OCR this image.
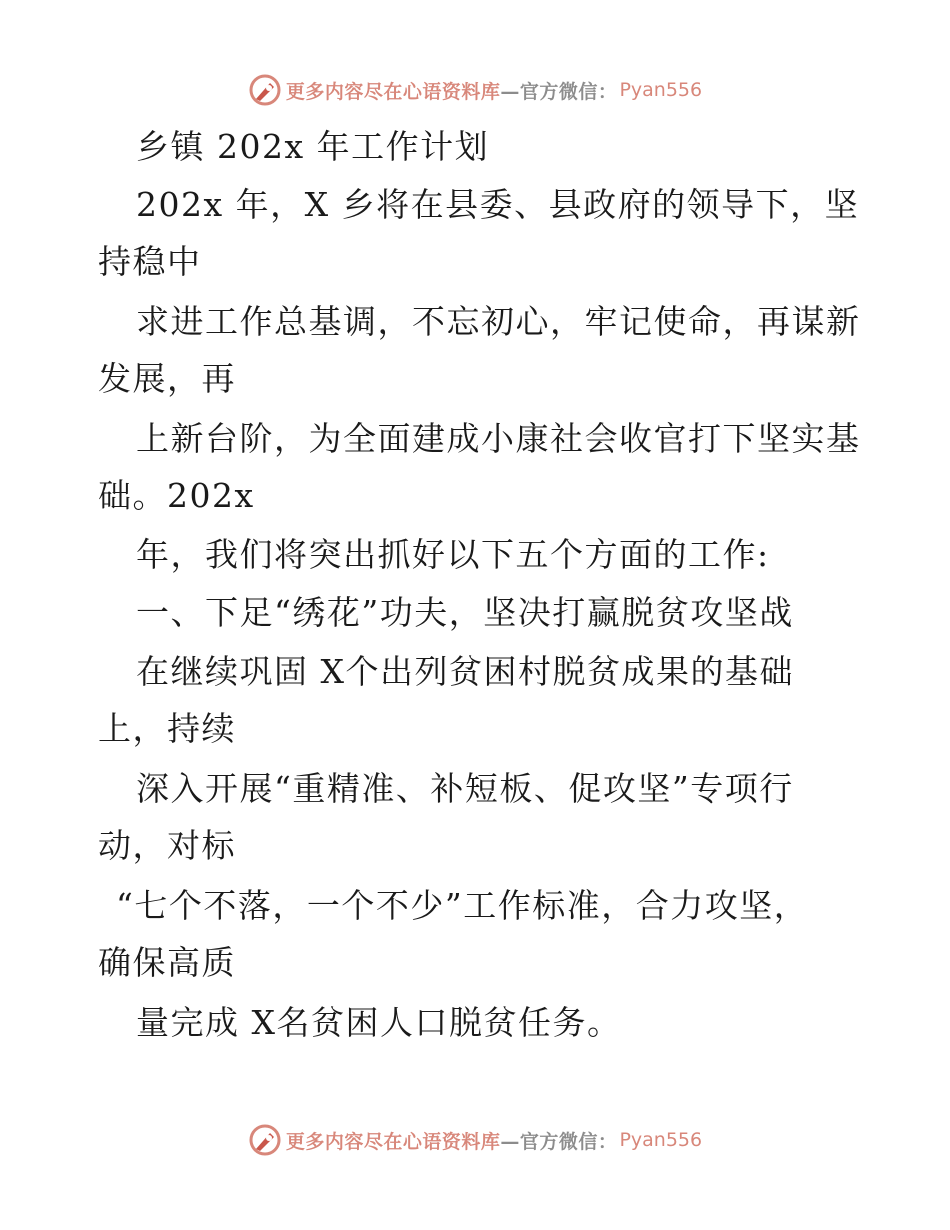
更多内容尽在心语资料库 —官方微信： Pyan556
乡镇 202x 年工作计划
202x 年，X 乡将在县委、县政府的领导下，坚
持稳中
求进工作总基调，不忘初心，牢记使命，再谋新
发展，再
上新台阶，为全面建成小康社会收官打下坚实基
础。202x
年，我们将突出抓好以下五个方面的工作:
一、下足“绣花”功夫，坚决打赢脱贫攻坚战
在继续巩固 X个出列贫困村脱贫成果的基础
上，持续
深入开展“重精准、补短板、促攻坚”专项行
动，对标
“七个不落，一个不少”工作标准，合力攻坚，
确保高质
量完成 X名贫困人口脱贫任务。
更多内容尽在心语资料库 —官方微信： Pyan556
